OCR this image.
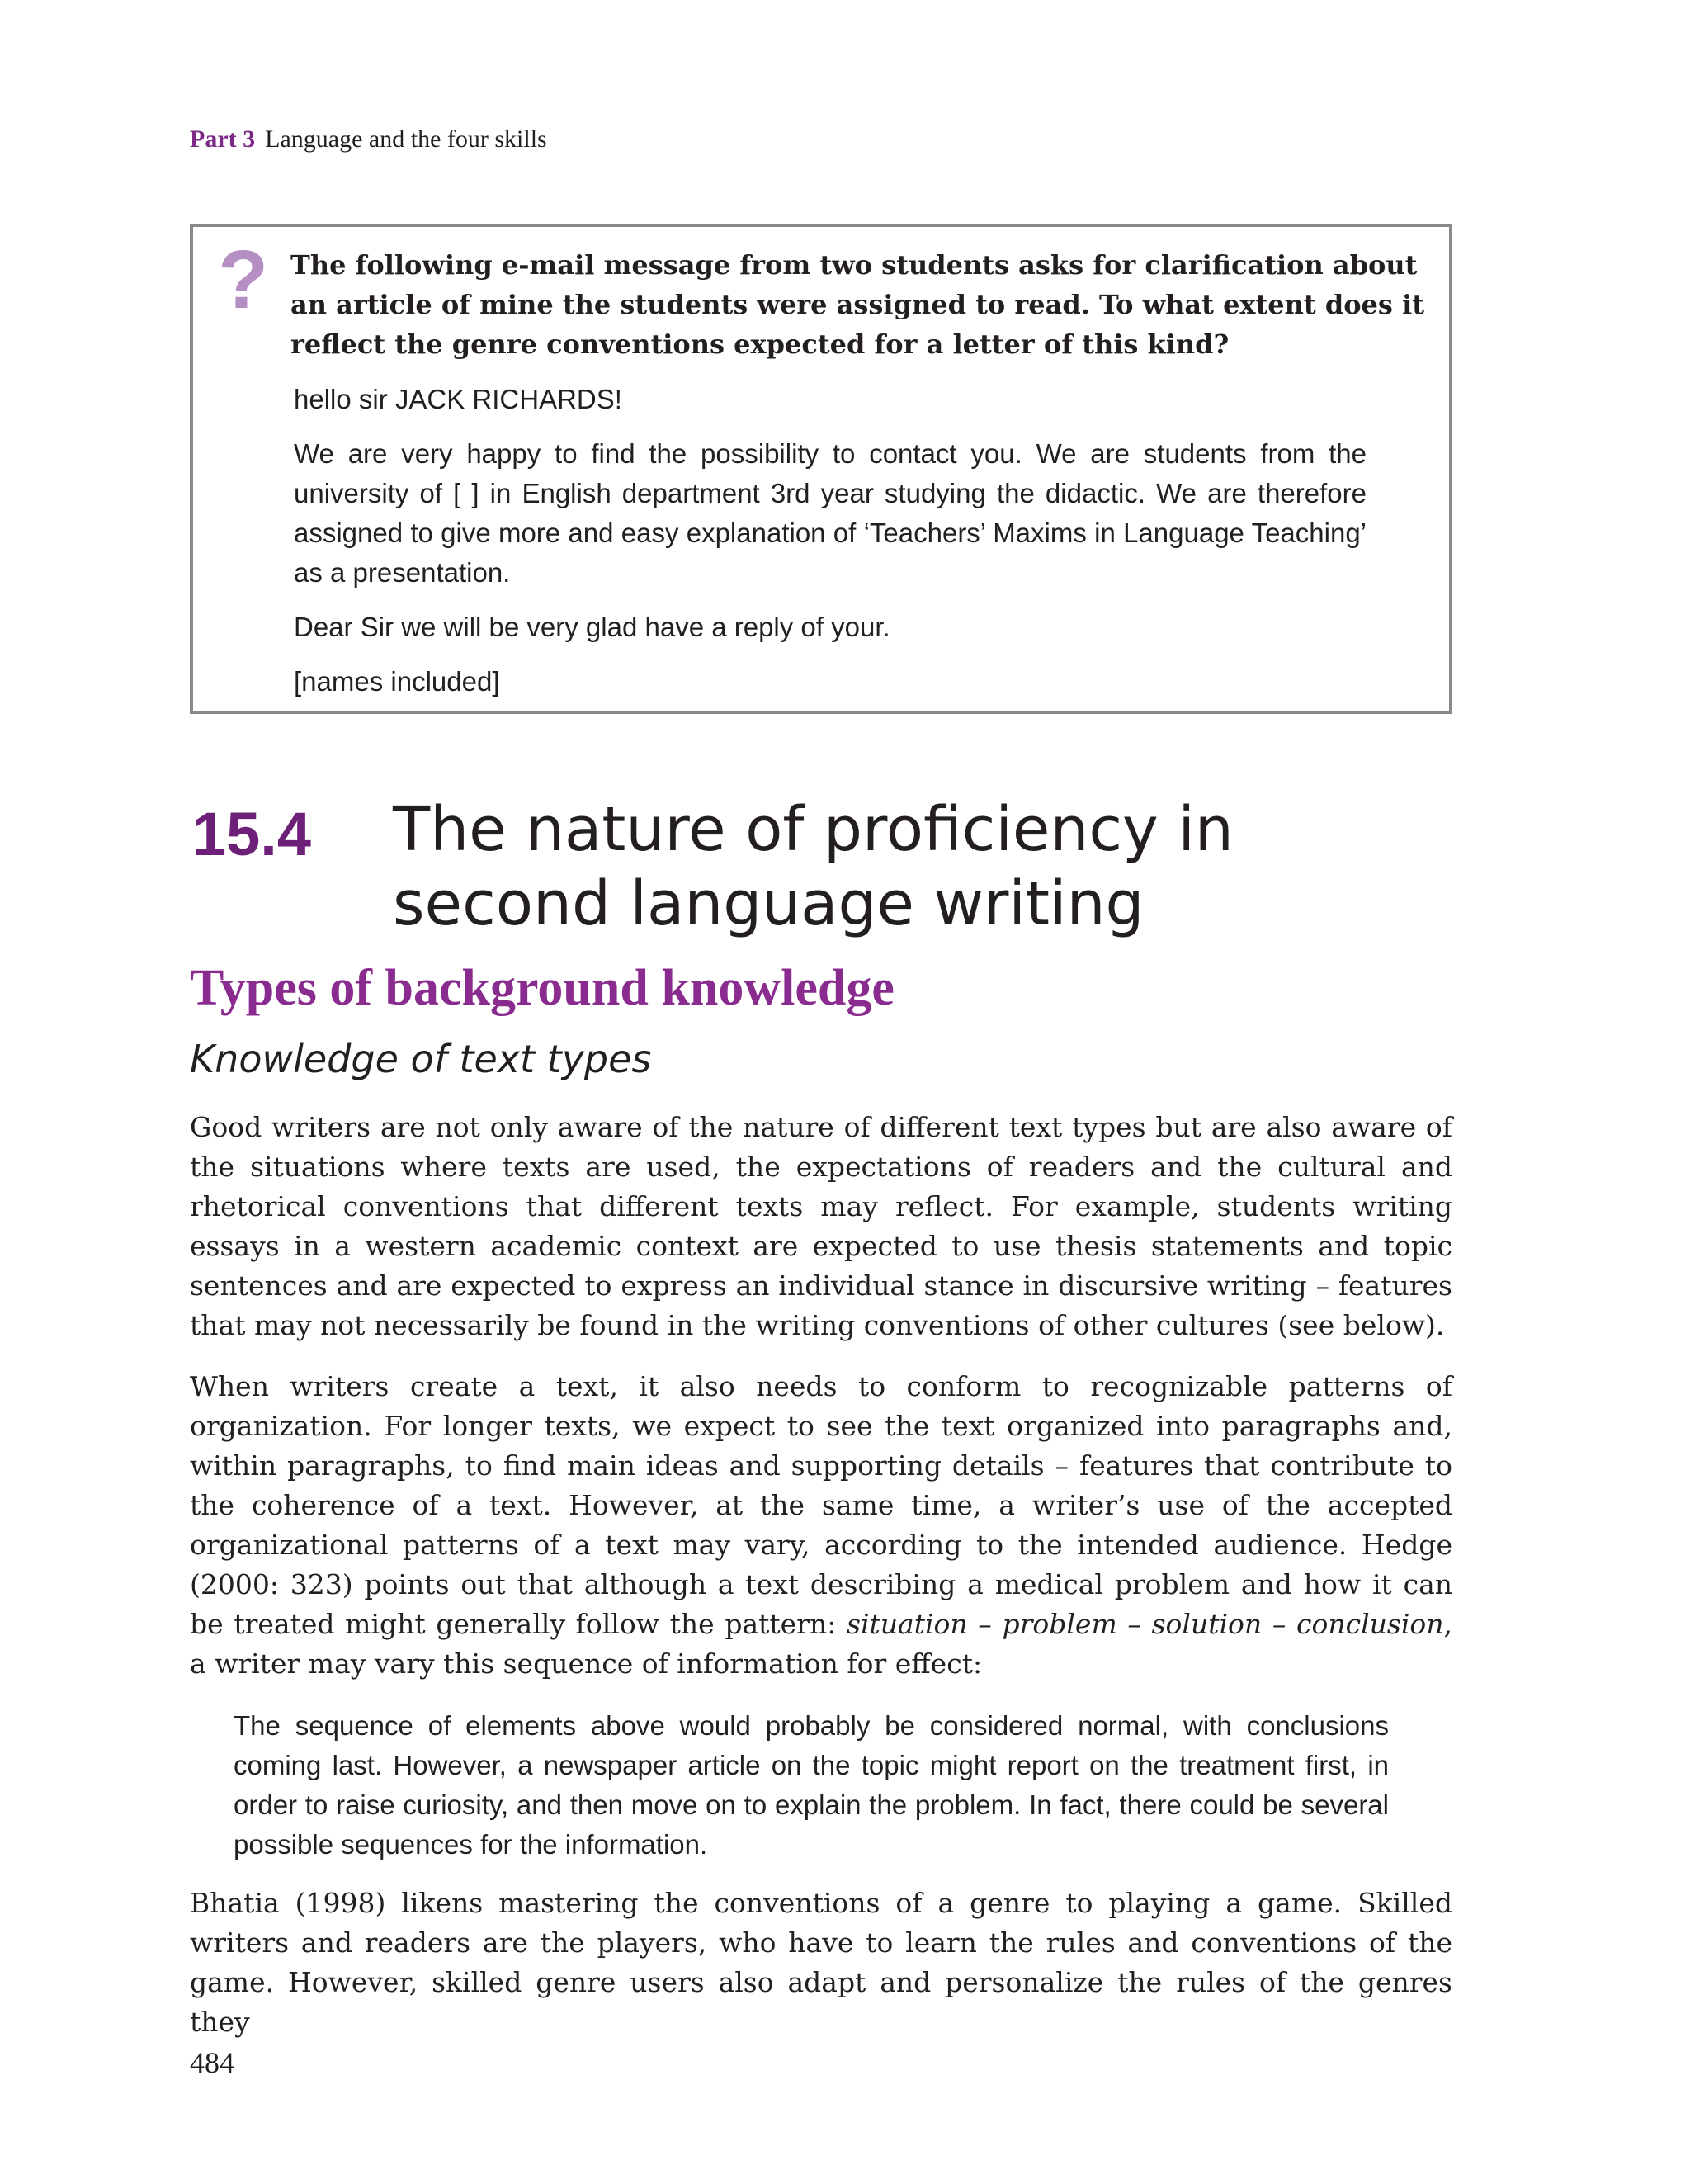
Part 3 Language and the four skills
? The following e-mail message from two students asks for clarification about an article of mine the students were assigned to read. To what extent does it reflect the genre conventions expected for a letter of this kind?

hello sir JACK RICHARDS!

We are very happy to find the possibility to contact you. We are students from the university of [ ] in English department 3rd year studying the didactic. We are therefore assigned to give more and easy explanation of ‘Teachers’ Maxims in Language Teaching’ as a presentation.

Dear Sir we will be very glad have a reply of your.

[names included]

15.4 The nature of proficiency in second language writing
Types of background knowledge
Knowledge of text types

Good writers are not only aware of the nature of different text types but are also aware of the situations where texts are used, the expectations of readers and the cultural and rhetorical conventions that different texts may reflect. For example, students writing essays in a western academic context are expected to use thesis statements and topic sentences and are expected to express an individual stance in discursive writing – features that may not necessarily be found in the writing conventions of other cultures (see below).

When writers create a text, it also needs to conform to recognizable patterns of organization. For longer texts, we expect to see the text organized into paragraphs and, within paragraphs, to find main ideas and supporting details – features that contribute to the coherence of a text. However, at the same time, a writer’s use of the accepted organizational patterns of a text may vary, according to the intended audience. Hedge (2000: 323) points out that although a text describing a medical problem and how it can be treated might generally follow the pattern: situation – problem – solution – conclusion, a writer may vary this sequence of information for effect:

The sequence of elements above would probably be considered normal, with conclusions coming last. However, a newspaper article on the topic might report on the treatment first, in order to raise curiosity, and then move on to explain the problem. In fact, there could be several possible sequences for the information.

Bhatia (1998) likens mastering the conventions of a genre to playing a game. Skilled writers and readers are the players, who have to learn the rules and conventions of the game. However, skilled genre users also adapt and personalize the rules of the genres they

484
